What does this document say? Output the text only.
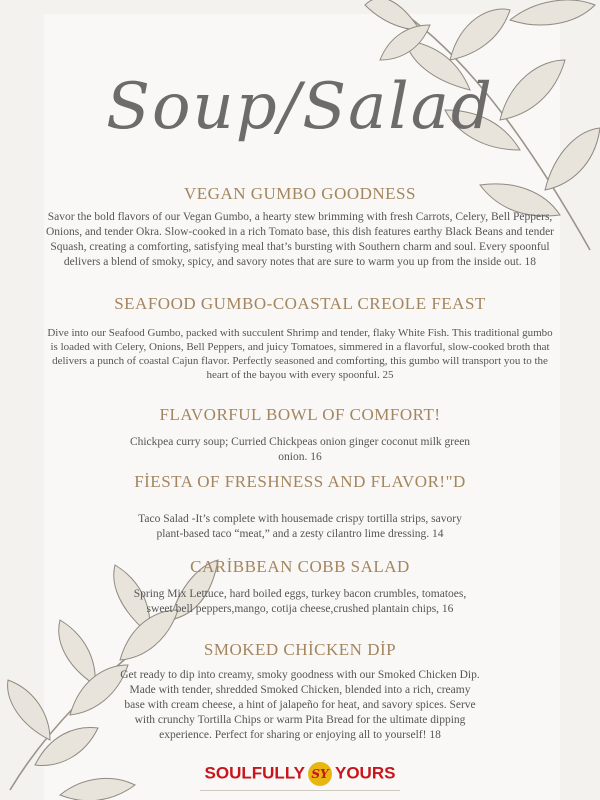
Soup/Salad
VEGAN GUMBO GOODNESS

Savor the bold flavors of our Vegan Gumbo, a hearty stew brimming with fresh Carrots, Celery, Bell Peppers, Onions, and tender Okra. Slow-cooked in a rich Tomato base, this dish features earthy Black Beans and tender Squash, creating a comforting, satisfying meal that’s bursting with Southern charm and soul. Every spoonful delivers a blend of smoky, spicy, and savory notes that are sure to warm you up from the inside out. 18

SEAFOOD GUMBO-COASTAL CREOLE FEAST

Dive into our Seafood Gumbo, packed with succulent Shrimp and tender, flaky White Fish. This traditional gumbo is loaded with Celery, Onions, Bell Peppers, and juicy Tomatoes, simmered in a flavorful, slow-cooked broth that delivers a punch of coastal Cajun flavor. Perfectly seasoned and comforting, this gumbo will transport you to the heart of the bayou with every spoonful. 25

FLAVORFUL BOWL OF COMFORT!

Chickpea curry soup; Curried Chickpeas onion ginger coconut milk green onion. 16

FİESTA OF FRESHNESS AND FLAVOR!"D

Taco Salad -It’s complete with housemade crispy tortilla strips, savory plant-based taco “meat,” and a zesty cilantro lime dressing. 14

CARİBBEAN COBB SALAD

Spring Mix Lettuce, hard boiled eggs, turkey bacon crumbles, tomatoes, sweet bell peppers,mango, cotija cheese,crushed plantain chips, 16

SMOKED CHİCKEN DİP

Get ready to dip into creamy, smoky goodness with our Smoked Chicken Dip. Made with tender, shredded Smoked Chicken, blended into a rich, creamy base with cream cheese, a hint of jalapeño for heat, and savory spices. Serve with crunchy Tortilla Chips or warm Pita Bread for the ultimate dipping experience. Perfect for sharing or enjoying all to yourself! 18

SOULFULLY SY YOURS
